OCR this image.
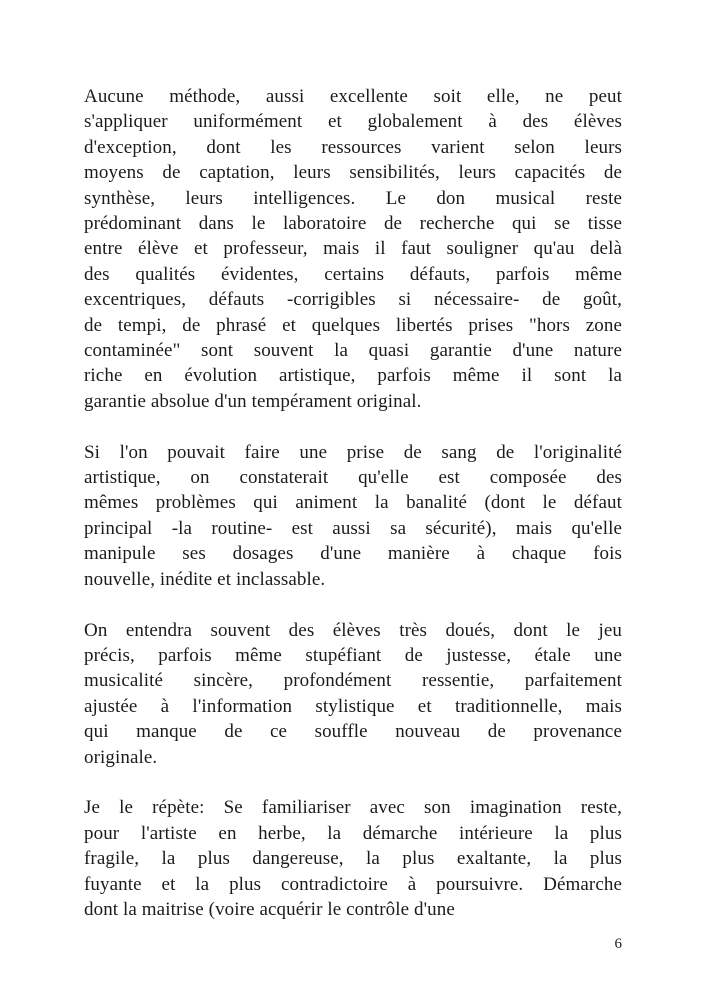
Aucune méthode, aussi excellente soit elle, ne peut
s'appliquer uniformément et globalement à des élèves
d'exception, dont les ressources varient selon leurs
moyens de captation, leurs sensibilités, leurs capacités de
synthèse, leurs intelligences. Le don musical reste
prédominant dans le laboratoire de recherche qui se tisse
entre élève et professeur, mais il faut souligner qu'au delà
des qualités évidentes, certains défauts, parfois même
excentriques, défauts -corrigibles si nécessaire- de goût,
de tempi, de phrasé et quelques libertés prises "hors zone
contaminée" sont souvent la quasi garantie d'une nature
riche en évolution artistique, parfois même il sont la
garantie absolue d'un tempérament original.
Si l'on pouvait faire une prise de sang de l'originalité
artistique, on constaterait qu'elle est composée des
mêmes problèmes qui animent la banalité (dont le défaut
principal -la routine- est aussi sa sécurité), mais qu'elle
manipule ses dosages d'une manière à chaque fois
nouvelle, inédite et inclassable.
On entendra souvent des élèves très doués, dont le jeu
précis, parfois même stupéfiant de justesse, étale une
musicalité sincère, profondément ressentie, parfaitement
ajustée à l'information stylistique et traditionnelle, mais
qui manque de ce souffle nouveau de provenance
originale.
Je le répète: Se familiariser avec son imagination reste,
pour l'artiste en herbe, la démarche intérieure la plus
fragile, la plus dangereuse, la plus exaltante, la plus
fuyante et la plus contradictoire à poursuivre. Démarche
dont la maitrise (voire acquérir le contrôle d'une
6
